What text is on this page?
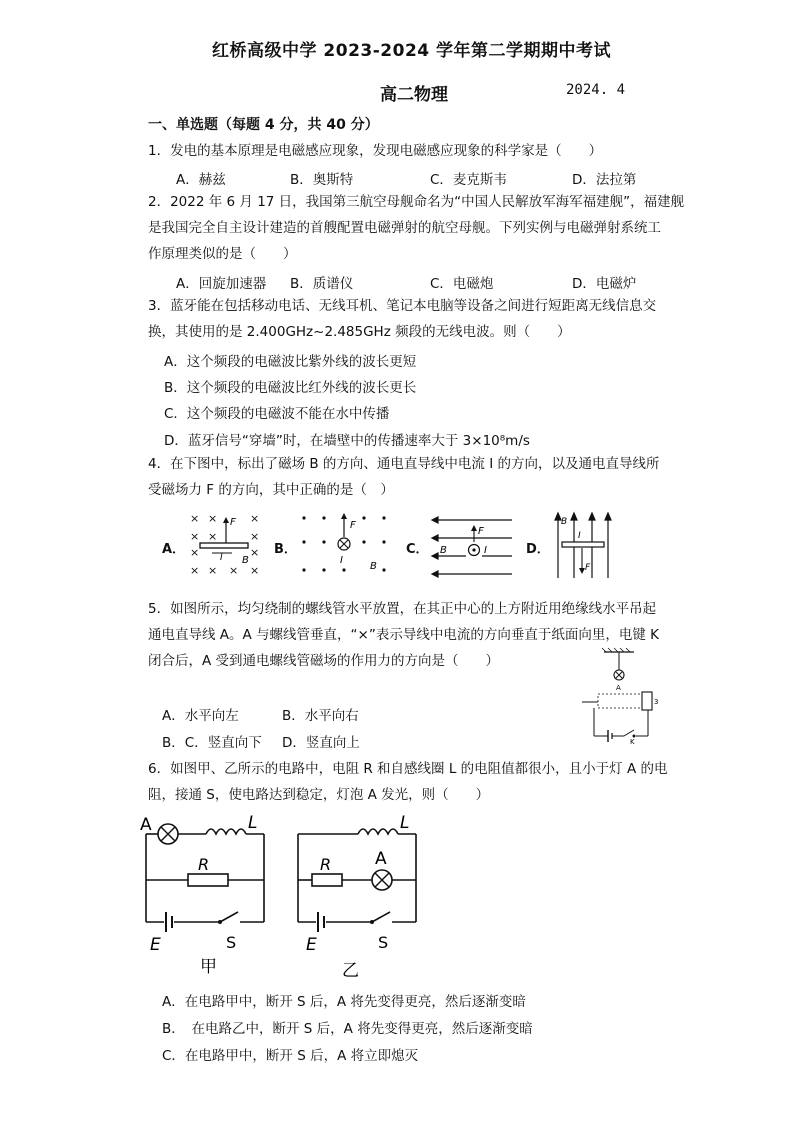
红桥高级中学 2023-2024 学年第二学期期中考试
高二物理	2024. 4
一、单选题（每题 4 分，共 40 分）
1．发电的基本原理是电磁感应现象，发现电磁感应现象的科学家是（　　）
A．赫兹	B．奥斯特	C．麦克斯韦	D．法拉第
2．2022 年 6 月 17 日，我国第三航空母舰命名为“中国人民解放军海军福建舰”，福建舰
是我国完全自主设计建造的首艘配置电磁弹射的航空母舰。下列实例与电磁弹射系统工
作原理类似的是（　　）
A．回旋加速器 B．质谱仪	C．电磁炮	D．电磁炉
3．蓝牙能在包括移动电话、无线耳机、笔记本电脑等设备之间进行短距离无线信息交
换，其使用的是 2.400GHz~2.485GHz 频段的无线电波。则（　　）
A．这个频段的电磁波比紫外线的波长更短
B．这个频段的电磁波比红外线的波长更长
C．这个频段的电磁波不能在水中传播
D．蓝牙信号“穿墙”时，在墙壁中的传播速率大于 3×10⁸m/s
4．在下图中，标出了磁场 B 的方向、通电直导线中电流 I 的方向，以及通电直导线所
受磁场力 F 的方向，其中正确的是（　）
A．	B．	C．	D．
× ×	×
× ×	×
×	×
× × × ×
F
I B
F
I
B
F
B	I
B
I
F
5．如图所示，均匀绕制的螺线管水平放置，在其正中心的上方附近用绝缘线水平吊起
通电直导线 A。A 与螺线管垂直，“×”表示导线中电流的方向垂直于纸面向里，电键 K
闭合后，A 受到通电螺线管磁场的作用力的方向是（　　）
A．水平向左	B．水平向右
B．C．竖直向下 D．竖直向上
A
3
K
6．如图甲、乙所示的电路中，电阻 R 和自感线圈 L 的电阻值都很小，且小于灯 A 的电
阻，接通 S，使电路达到稳定，灯泡 A 发光，则（　　）
A	L
R
E	S
甲
A
L
R
E	S
乙
A．在电路甲中，断开 S 后，A 将先变得更亮，然后逐渐变暗
B．　在电路乙中，断开 S 后，A 将先变得更亮，然后逐渐变暗
C．在电路甲中，断开 S 后，A 将立即熄灭
